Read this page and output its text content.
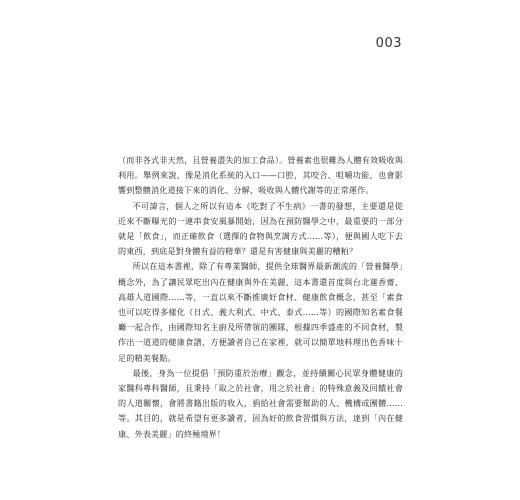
003

（而非各式非天然，且營養盡失的加工食品）。營養素也很難為人體有效吸收與利用。舉例來說，像是消化系統的入口——口腔，其咬合、咀嚼功能，也會影響到整體消化道接下來的消化、分解、吸收與人體代謝等的正常運作。

不可諱言，個人之所以有這本《吃對了不生病》一書的發想，主要還是從近來不斷曝光的一連串食安風暴開始，因為在預防醫學之中，最重要的一部分就是「飲食」，而正確飲食（選擇的食物與烹調方式……等），便與國人吃下去的東西，到底是對身體有益的精華？還是有害健康與美麗的糟粕？

所以在這本書裡，除了有專業醫師，提供全球醫界最新潮流的「營養醫學」概念外，為了讓民眾吃出內在健康與外在美麗，這本書還首度與台北蓮香齋、高雄人道國際……等，一直以來不斷推廣好食材、健康飲食概念，甚至「素食也可以吃得多樣化（日式、義大利式、中式、泰式……等）的國際知名素食餐廳一起合作，由國際知名主廚及所帶領的團隊，根據四季盛產的不同食材，製作出一道道的健康食譜，方便讀者自己在家裡，就可以簡單地料理出色香味十足的精美餐點。

最後，身為一位提倡「預防重於治療」觀念，並持續關心民眾身體健康的家醫科專科醫師，且秉持「取之於社會，用之於社會」的特殊意義及回饋社會的人道關懷，會將書籍出版的收入，捐給社會需要幫助的人、機構或團體……等。其目的，就是希望有更多讀者，因為好的飲食習慣與方法，達到「內在健康、外表美麗」的終極境界！
